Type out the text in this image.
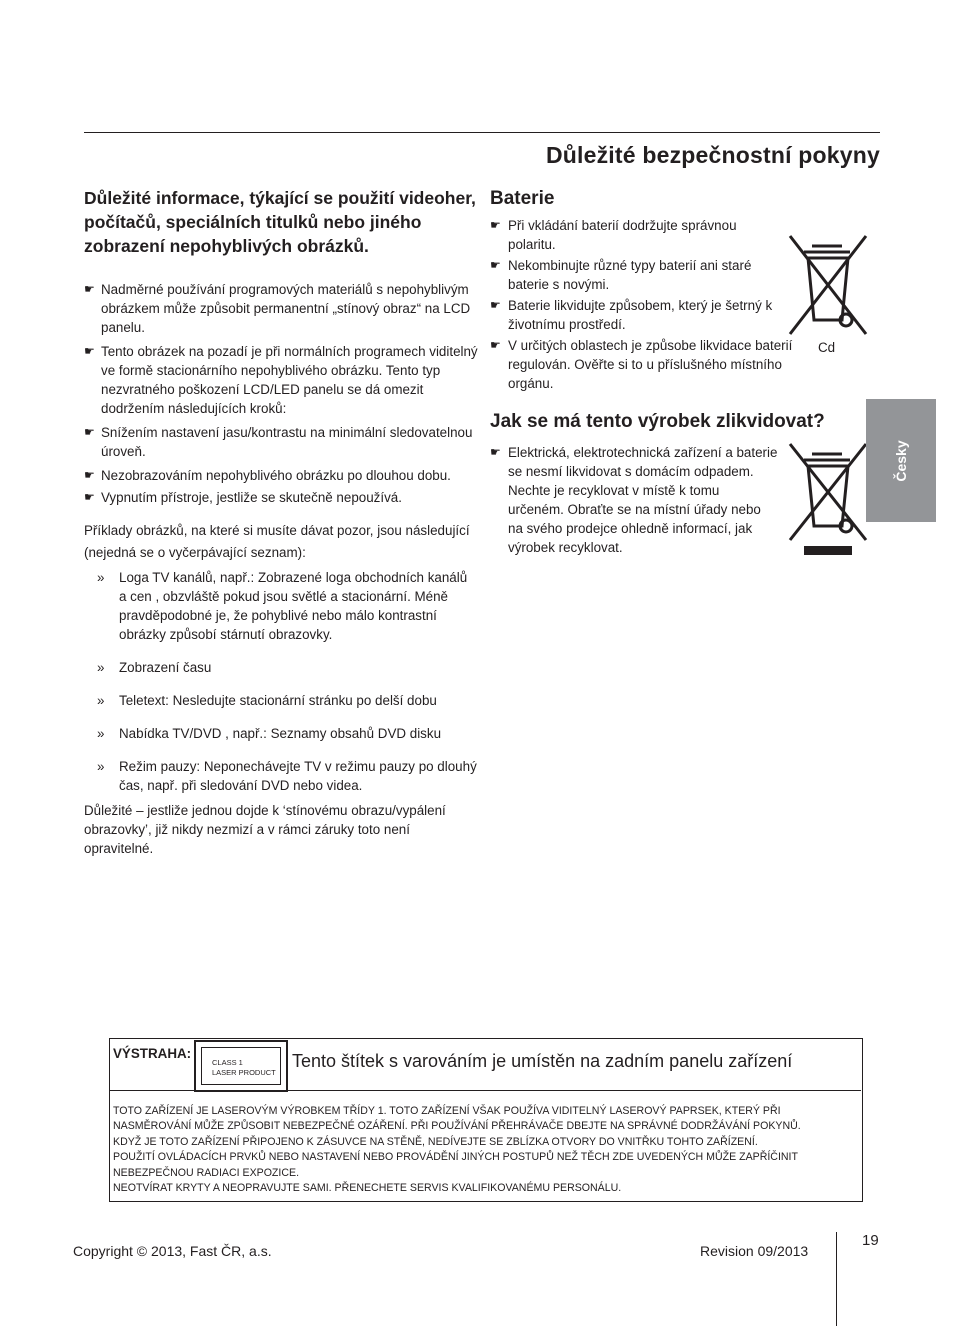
Důležité bezpečnostní pokyny
Důležité informace, týkající se použití videoher, počítačů, speciálních titulků nebo jiného zobrazení nepohyblivých obrázků.
☛ Nadměrné používání programových materiálů s nepohyblivým obrázkem může způsobit permanentní „stínový obraz“ na LCD panelu.
☛ Tento obrázek na pozadí je při normálních programech viditelný ve formě stacionárního nepohyblivého obrázku. Tento typ nezvratného poškození LCD/LED panelu se dá omezit dodržením následujících kroků:
☛ Snížením nastavení jasu/kontrastu na minimální sledovatelnou úroveň.
☛ Nezobrazováním nepohyblivého obrázku po dlouhou dobu.
☛ Vypnutím přístroje, jestliže se skutečně nepoužívá.
Příklady obrázků, na které si musíte dávat pozor, jsou následující (nejedná se o vyčerpávající seznam):
» Loga TV kanálů, např.: Zobrazené loga obchodních kanálů a cen , obzvláště pokud jsou světlé a stacionární. Méně pravděpodobné je, že pohyblivé nebo málo kontrastní obrázky způsobí stárnutí obrazovky.
» Zobrazení času
» Teletext: Nesledujte stacionární stránku po delší dobu
» Nabídka TV/DVD , např.: Seznamy obsahů DVD disku
» Režim pauzy: Neponechávejte TV v režimu pauzy po dlouhý čas, např. při sledování DVD nebo videa.
Důležité – jestliže jednou dojde k ‘stínovému obrazu/vypálení obrazovky’, již nikdy nezmizí a v rámci záruky toto není opravitelné.
Baterie
☛ Při vkládání baterií dodržujte správnou polaritu.
☛ Nekombinujte různé typy baterií ani staré baterie s novými.
☛ Baterie likvidujte způsobem, který je šetrný k životnímu prostředí.
☛ V určitých oblastech je způsobe likvidace baterií regulován. Ověřte si to u příslušného místního orgánu.
Jak se má tento výrobek zlikvidovat?
☛ Elektrická, elektrotechnická zařízení a baterie se nesmí likvidovat s domácím odpadem. Nechte je recyklovat v místě k tomu určeném. Obraťte se na místní úřady nebo na svého prodejce ohledně informací, jak výrobek recyklovat.
Cd
Česky
VÝSTRAHA:
CLASS 1
LASER PRODUCT
Tento štítek s varováním je umístěn na zadním panelu zařízení
TOTO ZAŘÍZENÍ JE LASEROVÝM VÝROBKEM TŘÍDY 1. TOTO ZAŘÍZENÍ VŠAK POUŽÍVA VIDITELNÝ LASEROVÝ PAPRSEK, KTERÝ PŘI NASMĚROVÁNÍ MŮŽE ZPŮSOBIT NEBEZPEČNÉ OZÁŘENÍ. PŘI POUŽÍVÁNÍ PŘEHRÁVAČE DBEJTE NA SPRÁVNÉ DODRŽÁVÁNÍ POKYNŮ.
KDYŽ JE TOTO ZAŘÍZENÍ PŘIPOJENO K ZÁSUVCE NA STĚNĚ, NEDÍVEJTE SE ZBLÍZKA OTVORY DO VNITŘKU TOHTO ZAŘÍZENÍ.
POUŽITÍ OVLÁDACÍCH PRVKŮ NEBO NASTAVENÍ NEBO PROVÁDĚNÍ JINÝCH POSTUPŮ NEŽ TĚCH ZDE UVEDENÝCH MŮŽE ZAPŘÍČINIT NEBEZPEČNOU RADIACI EXPOZICE.
NEOTVÍRAT KRYTY A NEOPRAVUJTE SAMI. PŘENECHETE SERVIS KVALIFIKOVANÉMU PERSONÁLU.
Copyright © 2013, Fast ČR, a.s.	Revision 09/2013
19
